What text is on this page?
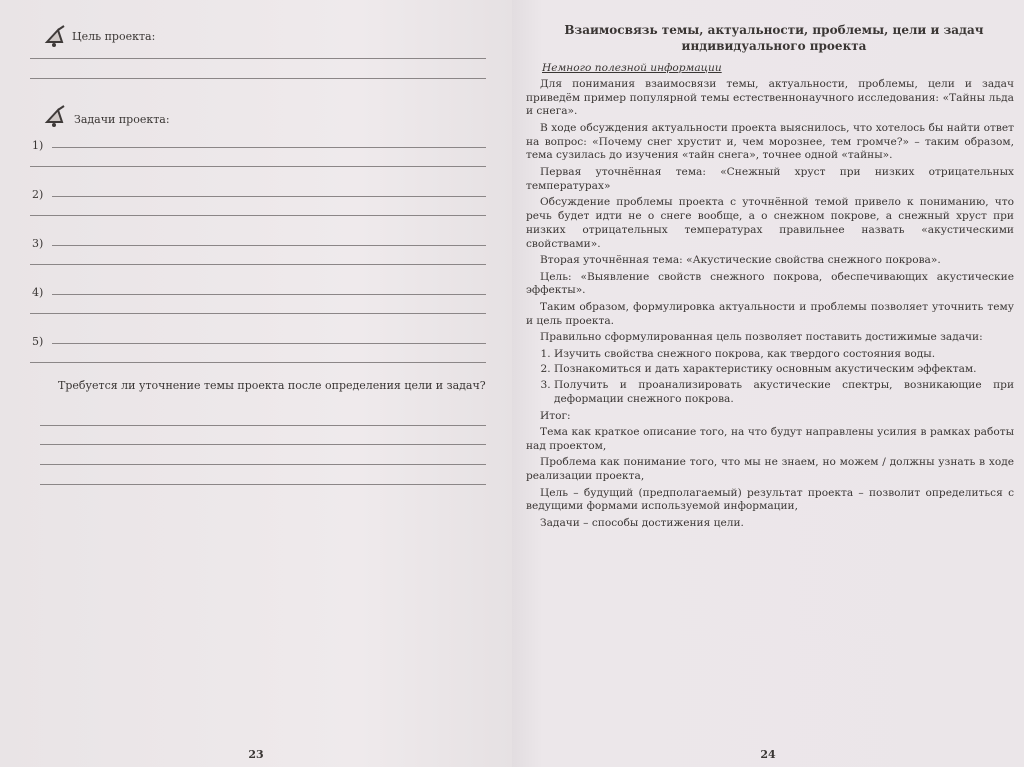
Цель проекта:
Задачи проекта:
1)
2)
3)
4)
5)
Требуется ли уточнение темы проекта после определения цели и задач?
23
Взаимосвязь темы, актуальности, проблемы, цели и задач
индивидуального проекта

Немного полезной информации

Для понимания взаимосвязи темы, актуальности, проблемы, цели и задач приведём пример популярной темы естественнонаучного исследования: «Тайны льда и снега».

В ходе обсуждения актуальности проекта выяснилось, что хотелось бы найти ответ на вопрос: «Почему снег хрустит и, чем морознее, тем громче?» – таким образом, тема сузилась до изучения «тайн снега», точнее одной «тайны».

Первая уточнённая тема: «Снежный хруст при низких отрицательных температурах»

Обсуждение проблемы проекта с уточнённой темой привело к пониманию, что речь будет идти не о снеге вообще, а о снежном покрове, а снежный хруст при низких отрицательных температурах правильнее назвать «акустическими свойствами».

Вторая уточнённая тема: «Акустические свойства снежного покрова».

Цель: «Выявление свойств снежного покрова, обеспечивающих акустические эффекты».

Таким образом, формулировка актуальности и проблемы позволяет уточнить тему и цель проекта.

Правильно сформулированная цель позволяет поставить достижимые задачи:

1. Изучить свойства снежного покрова, как твердого состояния воды.
2. Познакомиться и дать характеристику основным акустическим эффектам.
3. Получить и проанализировать акустические спектры, возникающие при деформации снежного покрова.

Итог:

Тема как краткое описание того, на что будут направлены усилия в рамках работы над проектом,

Проблема как понимание того, что мы не знаем, но можем / должны узнать в ходе реализации проекта,

Цель – будущий (предполагаемый) результат проекта – позволит определиться с ведущими формами используемой информации,

Задачи – способы достижения цели.

24
